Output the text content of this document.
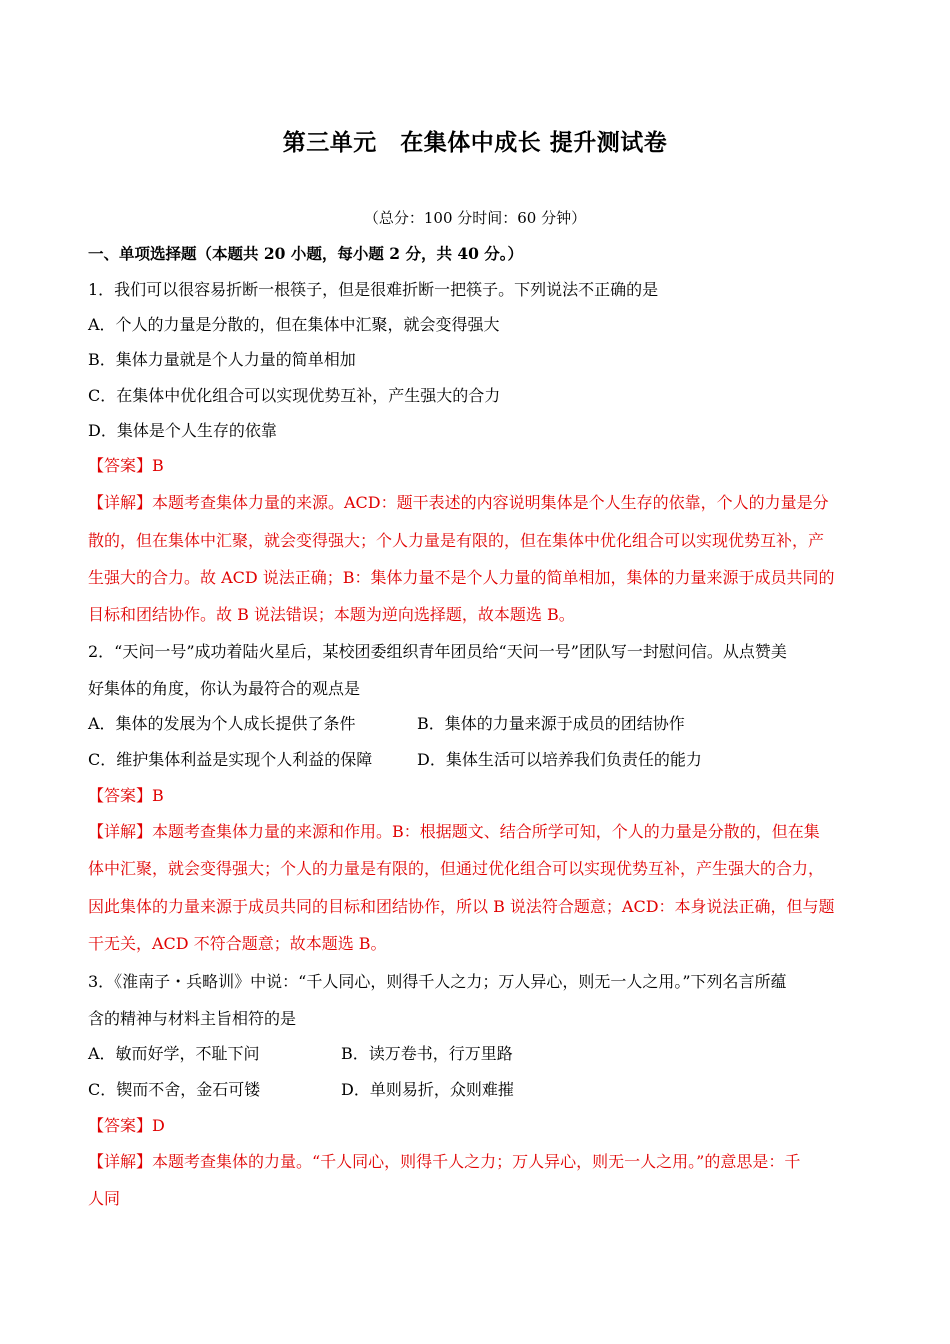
第三单元　在集体中成长 提升测试卷
（总分：100 分时间：60 分钟）
一、单项选择题（本题共 20 小题，每小题 2 分，共 40 分。）
1．我们可以很容易折断一根筷子，但是很难折断一把筷子。下列说法不正确的是
A．个人的力量是分散的，但在集体中汇聚，就会变得强大
B．集体力量就是个人力量的简单相加
C．在集体中优化组合可以实现优势互补，产生强大的合力
D．集体是个人生存的依靠
【答案】B
【详解】本题考查集体力量的来源。ACD：题干表述的内容说明集体是个人生存的依靠，个人的力量是分
散的，但在集体中汇聚，就会变得强大；个人力量是有限的，但在集体中优化组合可以实现优势互补，产
生强大的合力。故 ACD 说法正确；B：集体力量不是个人力量的简单相加，集体的力量来源于成员共同的
目标和团结协作。故 B 说法错误；本题为逆向选择题，故本题选 B。
2．“天问一号”成功着陆火星后，某校团委组织青年团员给“天问一号”团队写一封慰问信。从点赞美
好集体的角度，你认为最符合的观点是
A．集体的发展为个人成长提供了条件	B．集体的力量来源于成员的团结协作
C．维护集体利益是实现个人利益的保障	D．集体生活可以培养我们负责任的能力
【答案】B
【详解】本题考查集体力量的来源和作用。B：根据题文、结合所学可知，个人的力量是分散的，但在集
体中汇聚，就会变得强大；个人的力量是有限的，但通过优化组合可以实现优势互补，产生强大的合力，
因此集体的力量来源于成员共同的目标和团结协作，所以 B 说法符合题意；ACD：本身说法正确，但与题
干无关，ACD 不符合题意；故本题选 B。
3．《淮南子・兵略训》中说：“千人同心，则得千人之力；万人异心，则无一人之用。”下列名言所蕴
含的精神与材料主旨相符的是
A．敏而好学，不耻下问	B．读万卷书，行万里路
C．锲而不舍，金石可镂	D．单则易折，众则难摧
【答案】D
【详解】本题考查集体的力量。“千人同心，则得千人之力；万人异心，则无一人之用。”的意思是：千
人同
